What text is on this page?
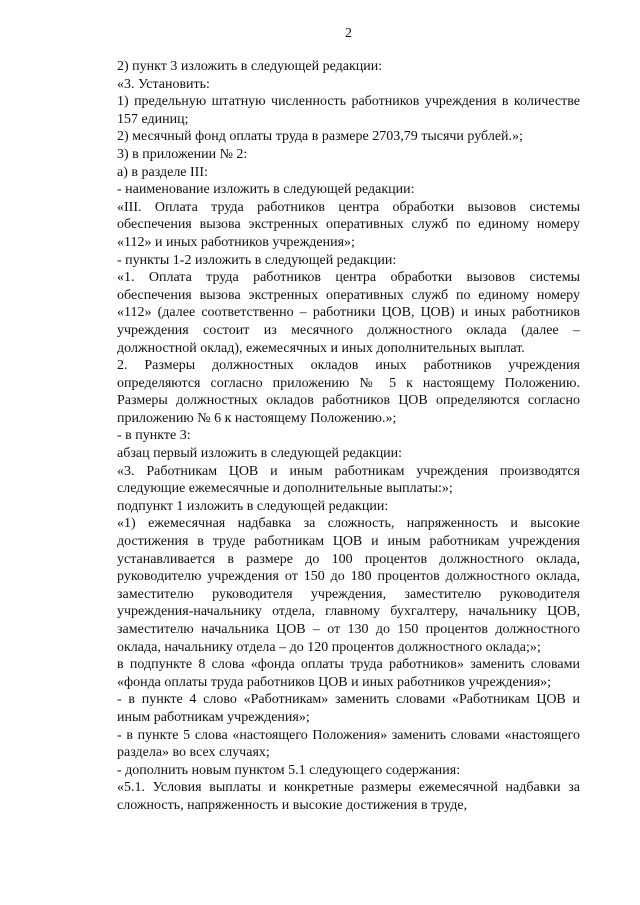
2

2) пункт 3 изложить в следующей редакции:

«3. Установить:

1) предельную штатную численность работников учреждения в количестве 157 единиц;

2) месячный фонд оплаты труда в размере 2703,79 тысячи рублей.»;

3) в приложении № 2:

а) в разделе III:

- наименование изложить в следующей редакции:

«III. Оплата труда работников центра обработки вызовов системы обеспечения вызова экстренных оперативных служб по единому номеру «112» и иных работников учреждения»;

- пункты 1-2 изложить в следующей редакции:

«1. Оплата труда работников центра обработки вызовов системы обеспечения вызова экстренных оперативных служб по единому номеру «112» (далее соответственно – работники ЦОВ, ЦОВ) и иных работников учреждения состоит из месячного должностного оклада (далее – должностной оклад), ежемесячных и иных дополнительных выплат.

2. Размеры должностных окладов иных работников учреждения определяются согласно приложению № 5 к настоящему Положению. Размеры должностных окладов работников ЦОВ определяются согласно приложению № 6 к настоящему Положению.»;

- в пункте 3:

абзац первый изложить в следующей редакции:

«3. Работникам ЦОВ и иным работникам учреждения производятся следующие ежемесячные и дополнительные выплаты:»;

подпункт 1 изложить в следующей редакции:

«1) ежемесячная надбавка за сложность, напряженность и высокие достижения в труде работникам ЦОВ и иным работникам учреждения устанавливается в размере до 100 процентов должностного оклада, руководителю учреждения от 150 до 180 процентов должностного оклада, заместителю руководителя учреждения, заместителю руководителя учреждения-начальнику отдела, главному бухгалтеру, начальнику ЦОВ, заместителю начальника ЦОВ – от 130 до 150 процентов должностного оклада, начальнику отдела – до 120 процентов должностного оклада;»;

в подпункте 8 слова «фонда оплаты труда работников» заменить словами «фонда оплаты труда работников ЦОВ и иных работников учреждения»;

- в пункте 4 слово «Работникам» заменить словами «Работникам ЦОВ и иным работникам учреждения»;

- в пункте 5 слова «настоящего Положения» заменить словами «настоящего раздела» во всех случаях;

- дополнить новым пунктом 5.1 следующего содержания:

«5.1. Условия выплаты и конкретные размеры ежемесячной надбавки за сложность, напряженность и высокие достижения в труде,
